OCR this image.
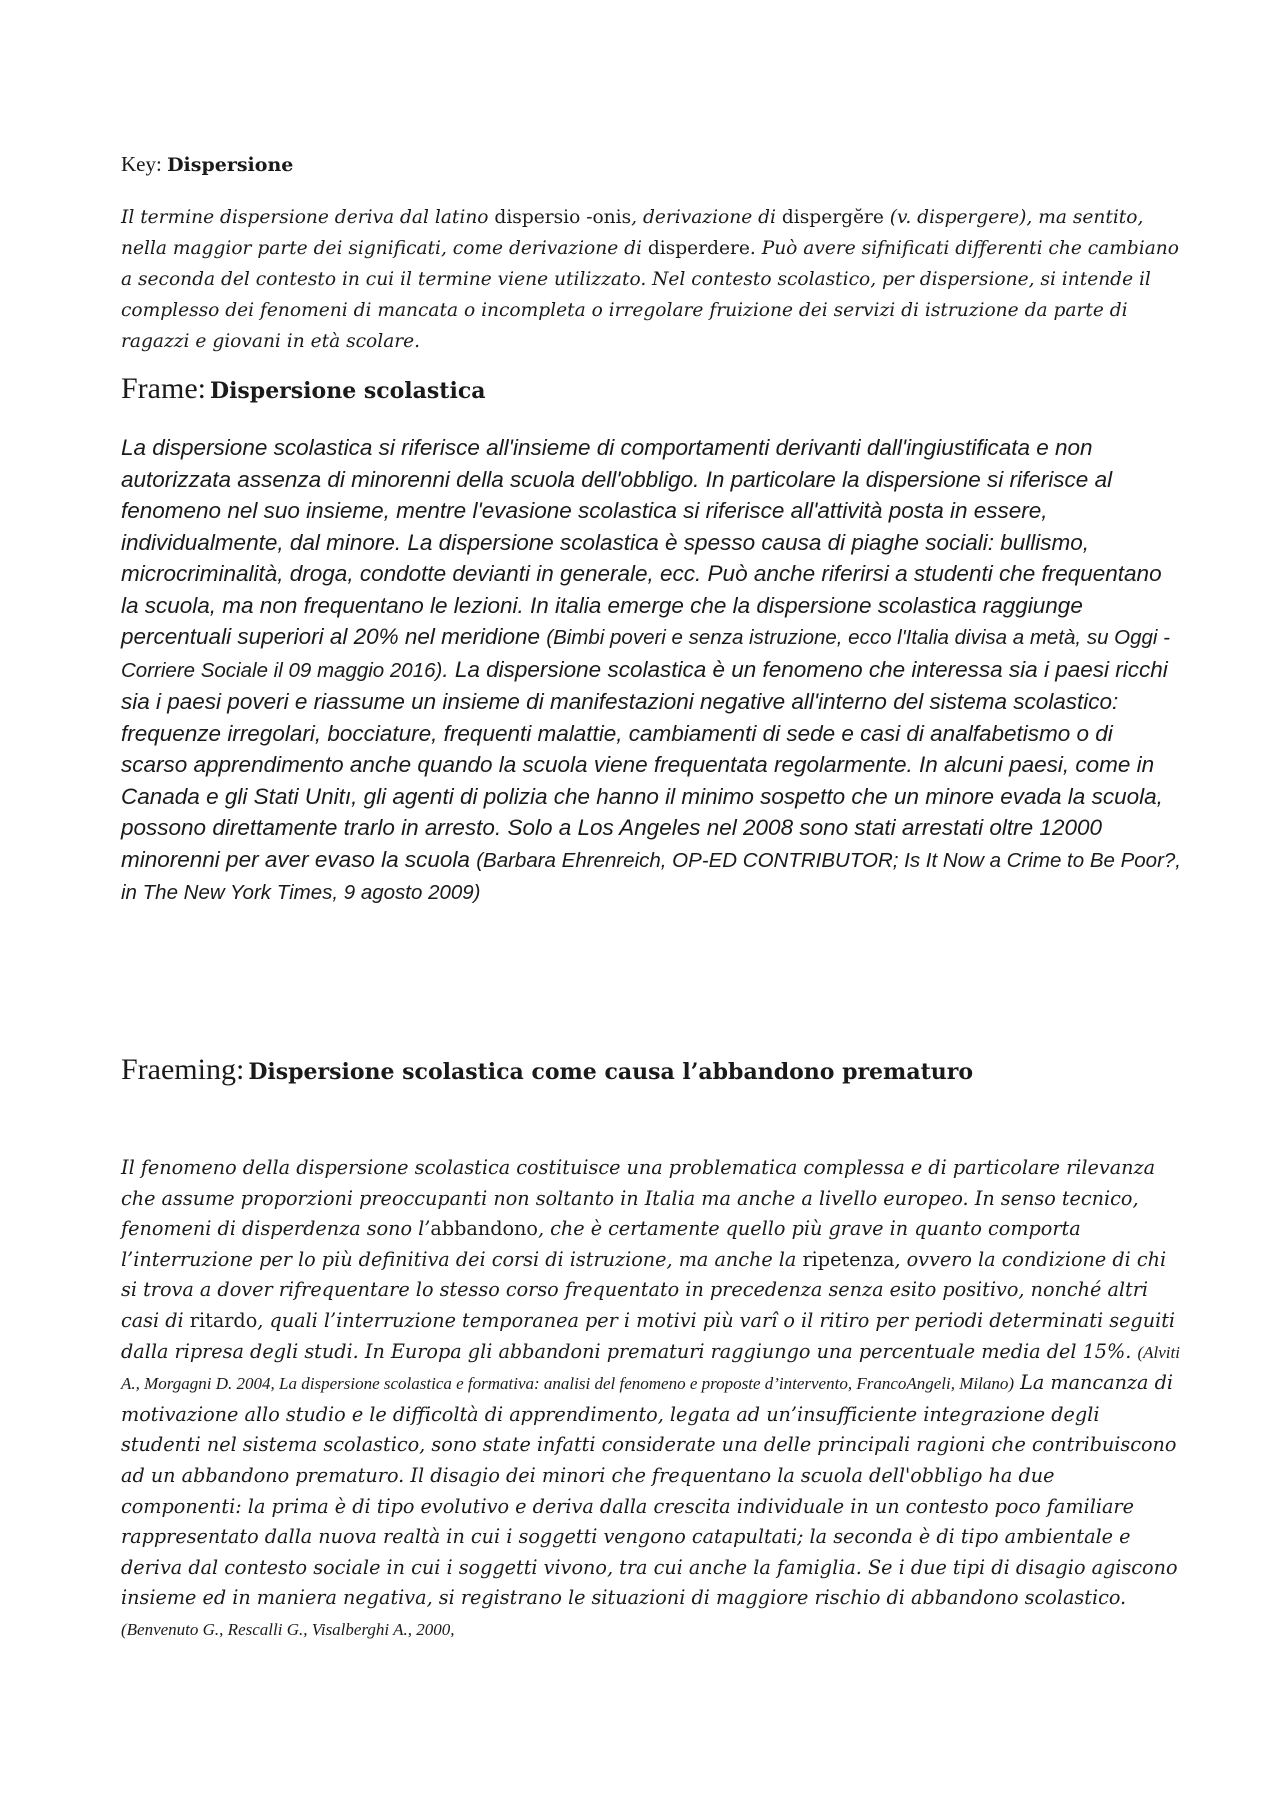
Key: Dispersione

Il termine dispersione deriva dal latino dispersio -onis, derivazione di dispergĕre (v. dispergere), ma sentito, nella maggior parte dei significati, come derivazione di disperdere. Può avere sifnificati differenti che cambiano a seconda del contesto in cui il termine viene utilizzato. Nel contesto scolastico, per dispersione, si intende il complesso dei fenomeni di mancata o incompleta o irregolare fruizione dei servizi di istruzione da parte di ragazzi e giovani in età scolare.

Frame: Dispersione scolastica

La dispersione scolastica si riferisce all'insieme di comportamenti derivanti dall'ingiustificata e non autorizzata assenza di minorenni della scuola dell'obbligo. In particolare la dispersione si riferisce al fenomeno nel suo insieme, mentre l'evasione scolastica si riferisce all'attività posta in essere, individualmente, dal minore. La dispersione scolastica è spesso causa di piaghe sociali: bullismo, microcriminalità, droga, condotte devianti in generale, ecc. Può anche riferirsi a studenti che frequentano la scuola, ma non frequentano le lezioni. In italia emerge che la dispersione scolastica raggiunge percentuali superiori al 20% nel meridione (Bimbi poveri e senza istruzione, ecco l'Italia divisa a metà, su Oggi - Corriere Sociale il 09 maggio 2016). La dispersione scolastica è un fenomeno che interessa sia i paesi ricchi sia i paesi poveri e riassume un insieme di manifestazioni negative all'interno del sistema scolastico: frequenze irregolari, bocciature, frequenti malattie, cambiamenti di sede e casi di analfabetismo o di scarso apprendimento anche quando la scuola viene frequentata regolarmente. In alcuni paesi, come in Canada e gli Stati Unitı, gli agenti di polizia che hanno il minimo sospetto che un minore evada la scuola, possono direttamente trarlo in arresto. Solo a Los Angeles nel 2008 sono stati arrestati oltre 12000 minorenni per aver evaso la scuola (Barbara Ehrenreich, OP-ED CONTRIBUTOR; Is It Now a Crime to Be Poor?, in The New York Times, 9 agosto 2009)

Fraeming: Dispersione scolastica come causa l’abbandono prematuro

Il fenomeno della dispersione scolastica costituisce una problematica complessa e di particolare rilevanza che assume proporzioni preoccupanti non soltanto in Italia ma anche a livello europeo. In senso tecnico, fenomeni di disperdenza sono l’abbandono, che è certamente quello più grave in quanto comporta l’interruzione per lo più definitiva dei corsi di istruzione, ma anche la ripetenza, ovvero la condizione di chi si trova a dover rifrequentare lo stesso corso frequentato in precedenza senza esito positivo, nonché altri casi di ritardo, quali l’interruzione temporanea per i motivi più varî o il ritiro per periodi determinati seguiti dalla ripresa degli studi. In Europa gli abbandoni prematuri raggiungo una percentuale media del 15%. (Alviti A., Morgagni D. 2004, La dispersione scolastica e formativa: analisi del fenomeno e proposte d’intervento, FrancoAngeli, Milano) La mancanza di motivazione allo studio e le difficoltà di apprendimento, legata ad un’insufficiente integrazione degli studenti nel sistema scolastico, sono state infatti considerate una delle principali ragioni che contribuiscono ad un abbandono prematuro. Il disagio dei minori che frequentano la scuola dell'obbligo ha due componenti: la prima è di tipo evolutivo e deriva dalla crescita individuale in un contesto poco familiare rappresentato dalla nuova realtà in cui i soggetti vengono catapultati; la seconda è di tipo ambientale e deriva dal contesto sociale in cui i soggetti vivono, tra cui anche la famiglia. Se i due tipi di disagio agiscono insieme ed in maniera negativa, si registrano le situazioni di maggiore rischio di abbandono scolastico. (Benvenuto G., Rescalli G., Visalberghi A., 2000,
